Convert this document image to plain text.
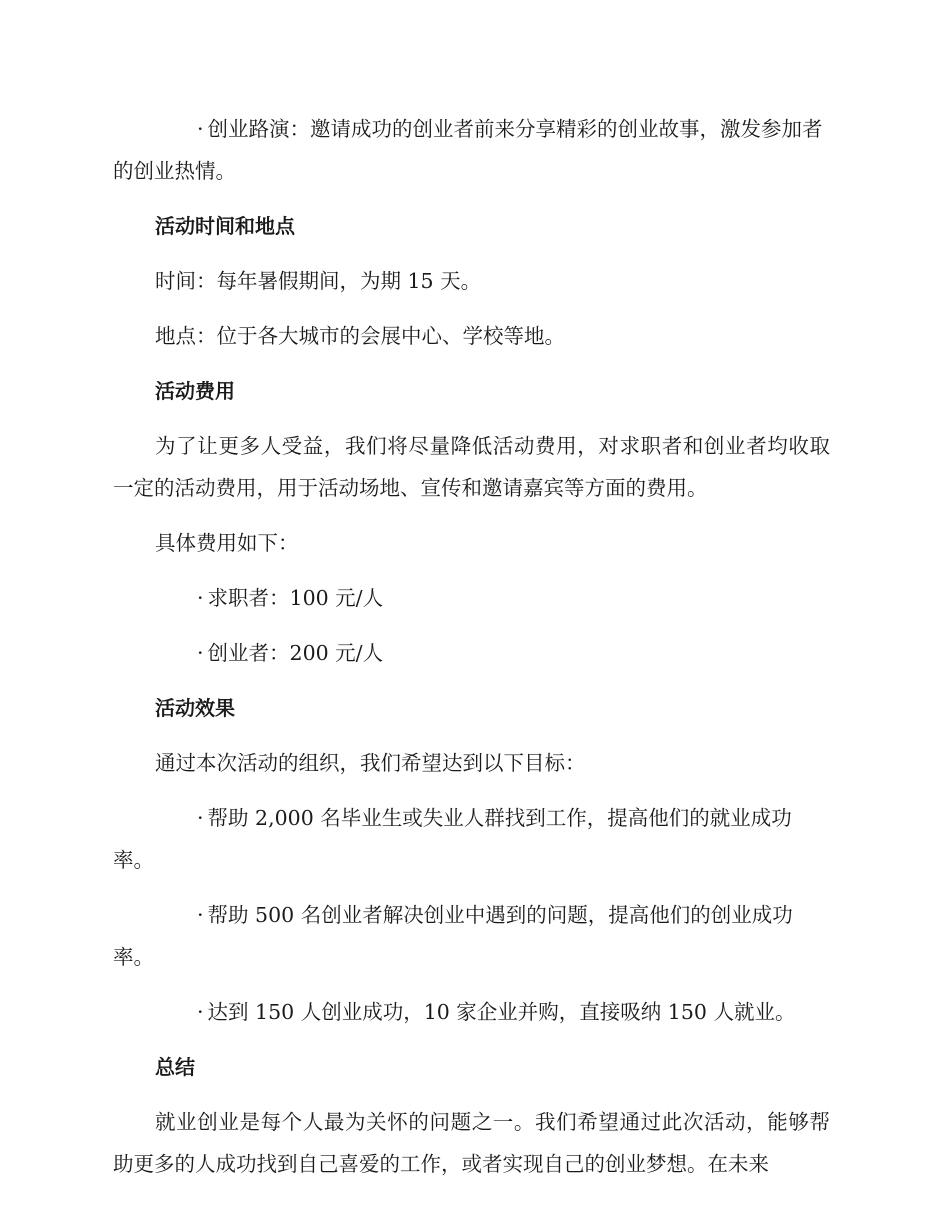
· 创业路演：邀请成功的创业者前来分享精彩的创业故事，激发参加者的创业热情。

活动时间和地点

时间：每年暑假期间，为期 15 天。

地点：位于各大城市的会展中心、学校等地。

活动费用

为了让更多人受益，我们将尽量降低活动费用，对求职者和创业者均收取一定的活动费用，用于活动场地、宣传和邀请嘉宾等方面的费用。

具体费用如下：

· 求职者：100 元/人

· 创业者：200 元/人

活动效果

通过本次活动的组织，我们希望达到以下目标：

· 帮助 2,000 名毕业生或失业人群找到工作，提高他们的就业成功率。

· 帮助 500 名创业者解决创业中遇到的问题，提高他们的创业成功率。

· 达到 150 人创业成功，10 家企业并购，直接吸纳 150 人就业。

总结

就业创业是每个人最为关怀的问题之一。我们希望通过此次活动，能够帮助更多的人成功找到自己喜爱的工作，或者实现自己的创业梦想。在未来
